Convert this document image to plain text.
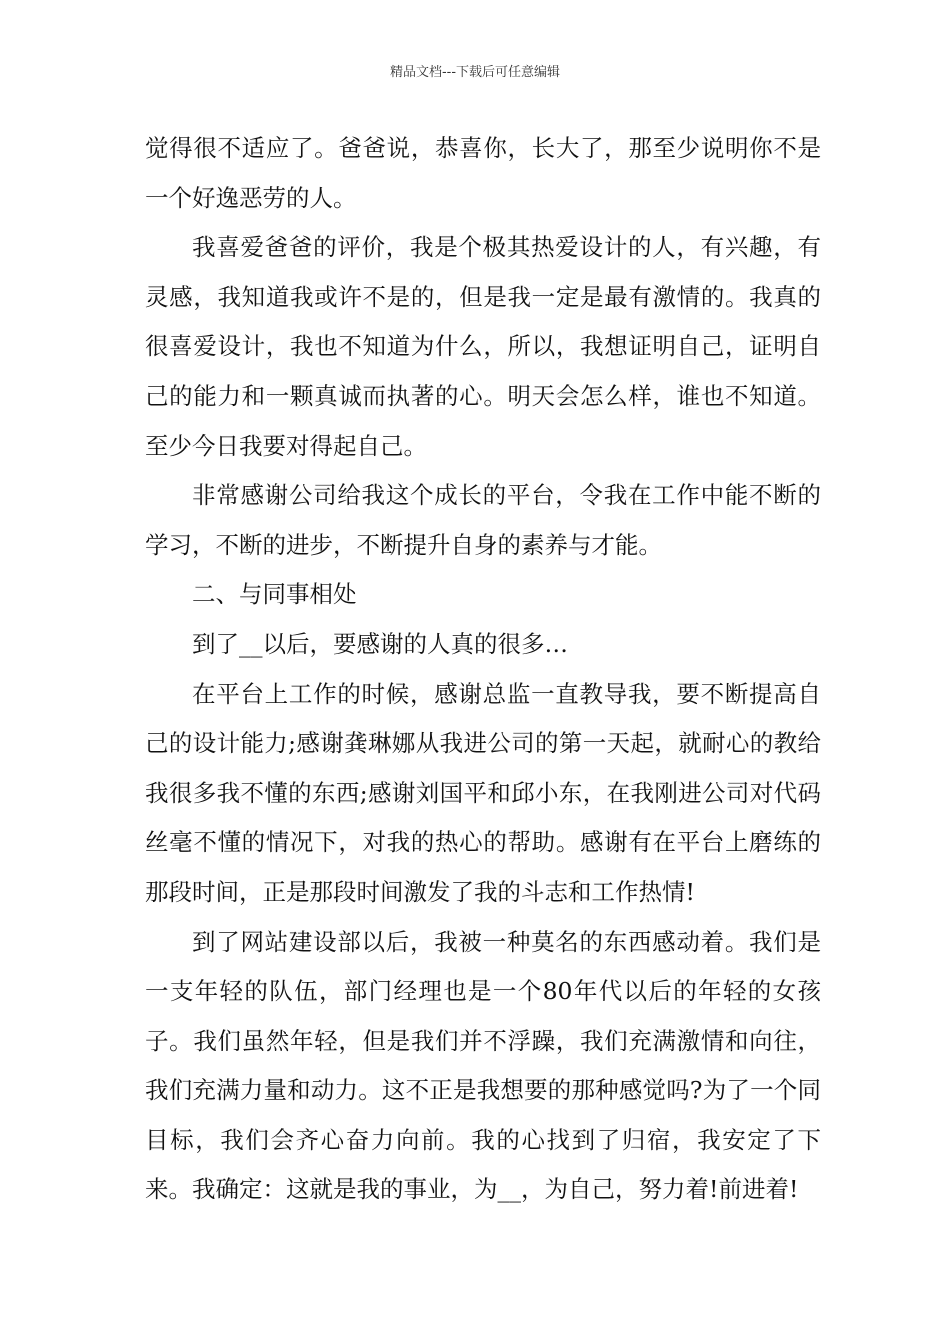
精品文档---下载后可任意编辑

觉得很不适应了。爸爸说，恭喜你，长大了，那至少说明你不是一个好逸恶劳的人。

我喜爱爸爸的评价，我是个极其热爱设计的人，有兴趣，有灵感，我知道我或许不是的，但是我一定是最有激情的。我真的很喜爱设计，我也不知道为什么，所以，我想证明自己，证明自己的能力和一颗真诚而执著的心。明天会怎么样，谁也不知道。至少今日我要对得起自己。

非常感谢公司给我这个成长的平台，令我在工作中能不断的学习，不断的进步，不断提升自身的素养与才能。

二、与同事相处

到了__以后，要感谢的人真的很多…

在平台上工作的时候，感谢总监一直教导我，要不断提高自己的设计能力;感谢龚琳娜从我进公司的第一天起，就耐心的教给我很多我不懂的东西;感谢刘国平和邱小东，在我刚进公司对代码丝毫不懂的情况下，对我的热心的帮助。感谢有在平台上磨练的那段时间，正是那段时间激发了我的斗志和工作热情!

到了网站建设部以后，我被一种莫名的东西感动着。我们是一支年轻的队伍，部门经理也是一个80年代以后的年轻的女孩子。我们虽然年轻，但是我们并不浮躁，我们充满激情和向往，我们充满力量和动力。这不正是我想要的那种感觉吗?为了一个同目标，我们会齐心奋力向前。我的心找到了归宿，我安定了下来。我确定：这就是我的事业，为__，为自己，努力着!前进着!
